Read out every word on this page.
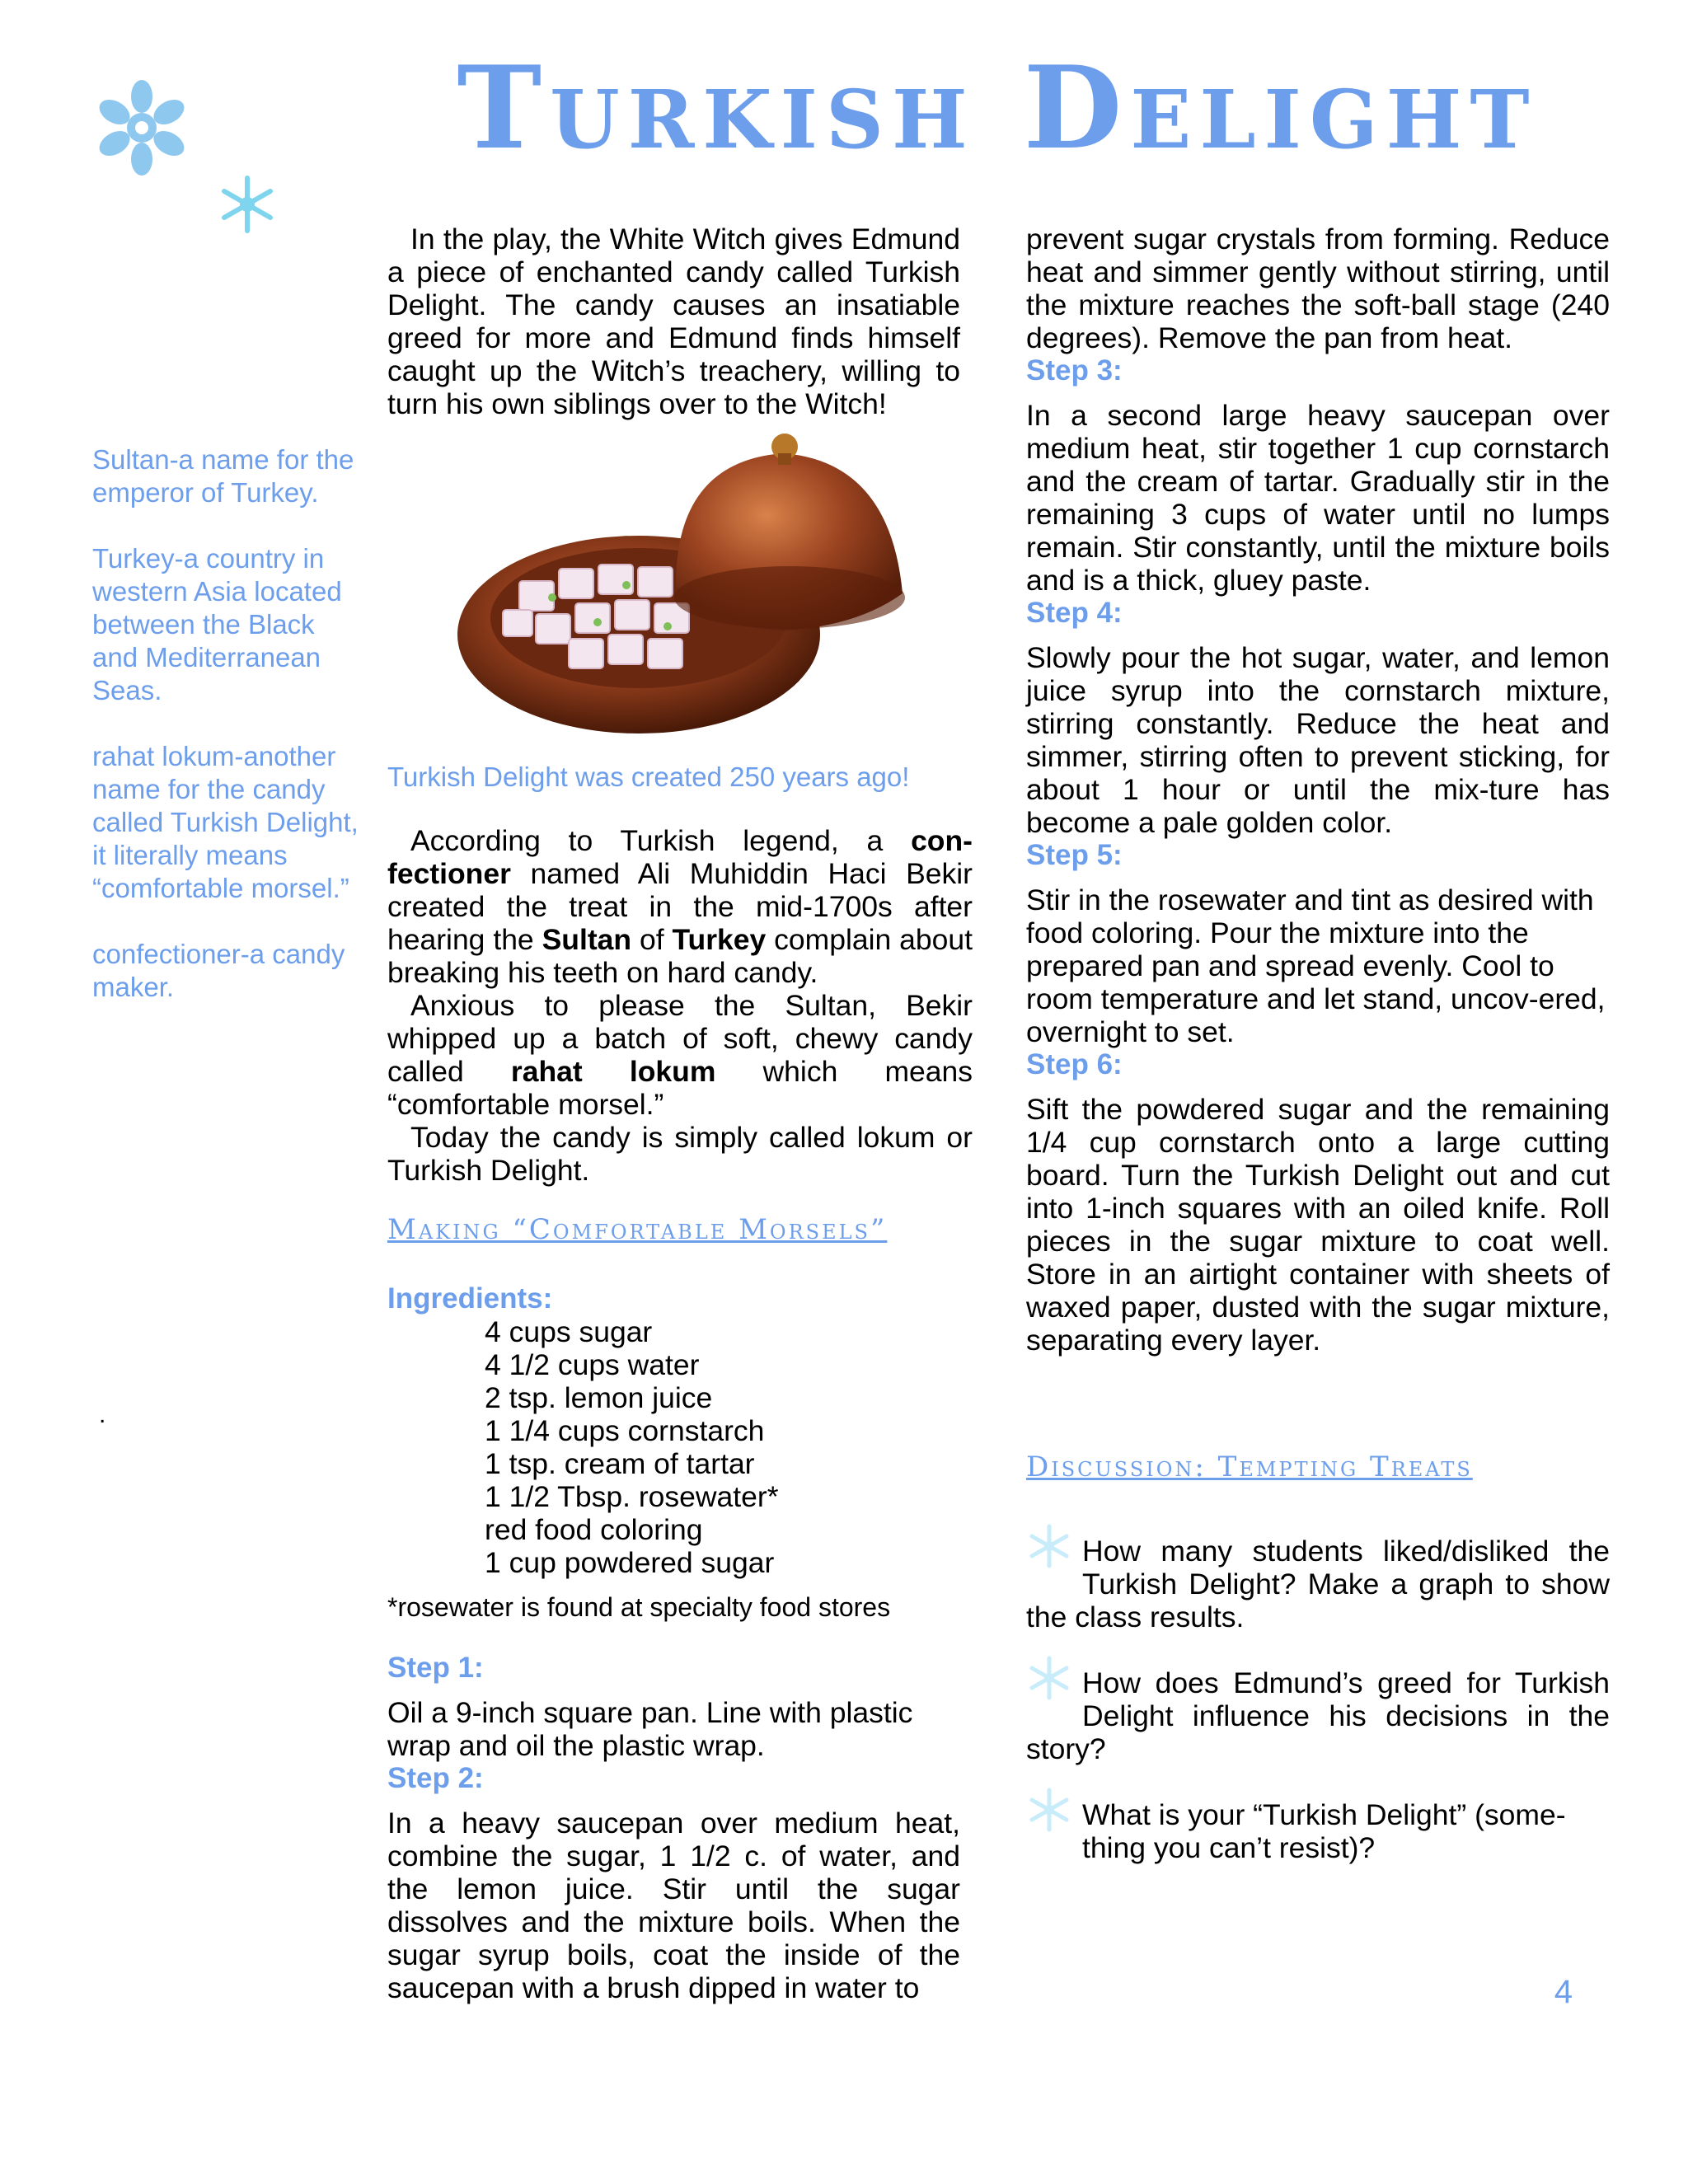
Turkish Delight

Sultan-a name for the emperor of Turkey.

Turkey-a country in western Asia located between the Black and Mediterranean Seas.

rahat lokum-another name for the candy called Turkish Delight, it literally means “comfortable morsel.”

confectioner-a candy maker.

.

In the play, the White Witch gives Edmund a piece of enchanted candy called Turkish Delight. The candy causes an insatiable greed for more and Edmund finds himself caught up the Witch’s treachery, willing to turn his own siblings over to the Witch!

Turkish Delight was created 250 years ago!

According to Turkish legend, a con-fectioner named Ali Muhiddin Haci Bekir created the treat in the mid-1700s after hearing the Sultan of Turkey complain about breaking his teeth on hard candy.

Anxious to please the Sultan, Bekir whipped up a batch of soft, chewy candy called rahat lokum which means “comfortable morsel.”

Today the candy is simply called lokum or Turkish Delight.

Making “Comfortable Morsels”
Ingredients:
4 cups sugar
4 1/2 cups water
2 tsp. lemon juice
1 1/4 cups cornstarch
1 tsp. cream of tartar
1 1/2 Tbsp. rosewater*
red food coloring
1 cup powdered sugar
*rosewater is found at specialty food stores
Step 1:

Oil a 9-inch square pan. Line with plastic wrap and oil the plastic wrap.

Step 2:

In a heavy saucepan over medium heat, combine the sugar, 1 1/2 c. of water, and the lemon juice. Stir until the sugar dissolves and the mixture boils. When the sugar syrup boils, coat the inside of the saucepan with a brush dipped in water to

prevent sugar crystals from forming. Reduce heat and simmer gently without stirring, until the mixture reaches the soft-ball stage (240 degrees). Remove the pan from heat.

Step 3:

In a second large heavy saucepan over medium heat, stir together 1 cup cornstarch and the cream of tartar. Gradually stir in the remaining 3 cups of water until no lumps remain. Stir constantly, until the mixture boils and is a thick, gluey paste.

Step 4:

Slowly pour the hot sugar, water, and lemon juice syrup into the cornstarch mixture, stirring constantly. Reduce the heat and simmer, stirring often to prevent sticking, for about 1 hour or until the mix-ture has become a pale golden color.

Step 5:

Stir in the rosewater and tint as desired with food coloring. Pour the mixture into the prepared pan and spread evenly. Cool to room temperature and let stand, uncov-ered, overnight to set.

Step 6:

Sift the powdered sugar and the remaining 1/4 cup cornstarch onto a large cutting board. Turn the Turkish Delight out and cut into 1-inch squares with an oiled knife. Roll pieces in the sugar mixture to coat well. Store in an airtight container with sheets of waxed paper, dusted with the sugar mixture, separating every layer.

Discussion: Tempting Treats

How many students liked/disliked the Turkish Delight? Make a graph to show the class results.

How does Edmund’s greed for Turkish Delight influence his decisions in the story?

What is your “Turkish Delight” (some-thing you can’t resist)?

4
